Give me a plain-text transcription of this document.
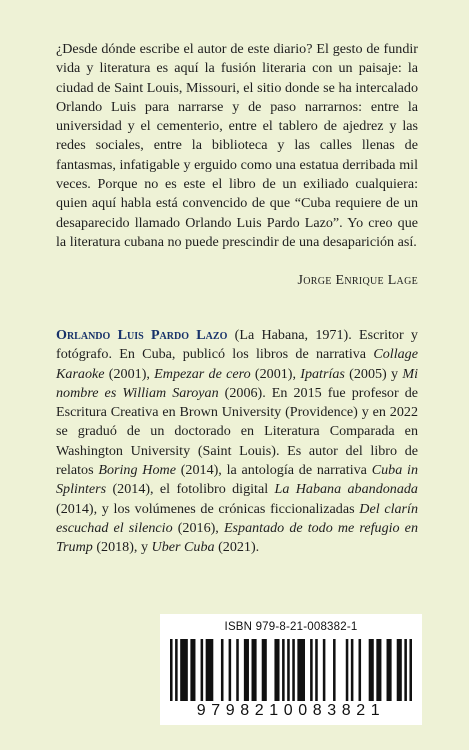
¿Desde dónde escribe el autor de este diario? El gesto de fundir vida y literatura es aquí la fusión literaria con un paisaje: la ciudad de Saint Louis, Missouri, el sitio donde se ha intercalado Orlando Luis para narrarse y de paso narrarnos: entre la universidad y el cementerio, entre el tablero de ajedrez y las redes sociales, entre la biblioteca y las calles llenas de fantasmas, infatigable y erguido como una estatua derribada mil veces. Porque no es este el libro de un exiliado cualquiera: quien aquí habla está convencido de que “Cuba requiere de un desaparecido llamado Orlando Luis Pardo Lazo”. Yo creo que la literatura cubana no puede prescindir de una desaparición así.

Jorge Enrique Lage

Orlando Luis Pardo Lazo (La Habana, 1971). Escritor y fotógrafo. En Cuba, publicó los libros de narrativa Collage Karaoke (2001), Empezar de cero (2001), Ipatrías (2005) y Mi nombre es William Saroyan (2006). En 2015 fue profesor de Escritura Creativa en Brown University (Providence) y en 2022 se graduó de un doctorado en Literatura Comparada en Washington University (Saint Louis). Es autor del libro de relatos Boring Home (2014), la antología de narrativa Cuba in Splinters (2014), el fotolibro digital La Habana abandonada (2014), y los volúmenes de crónicas ficcionalizadas Del clarín escuchad el silencio (2016), Espantado de todo me refugio en Trump (2018), y Uber Cuba (2021).

ISBN 979-8-21-008382-1
9798210083821
